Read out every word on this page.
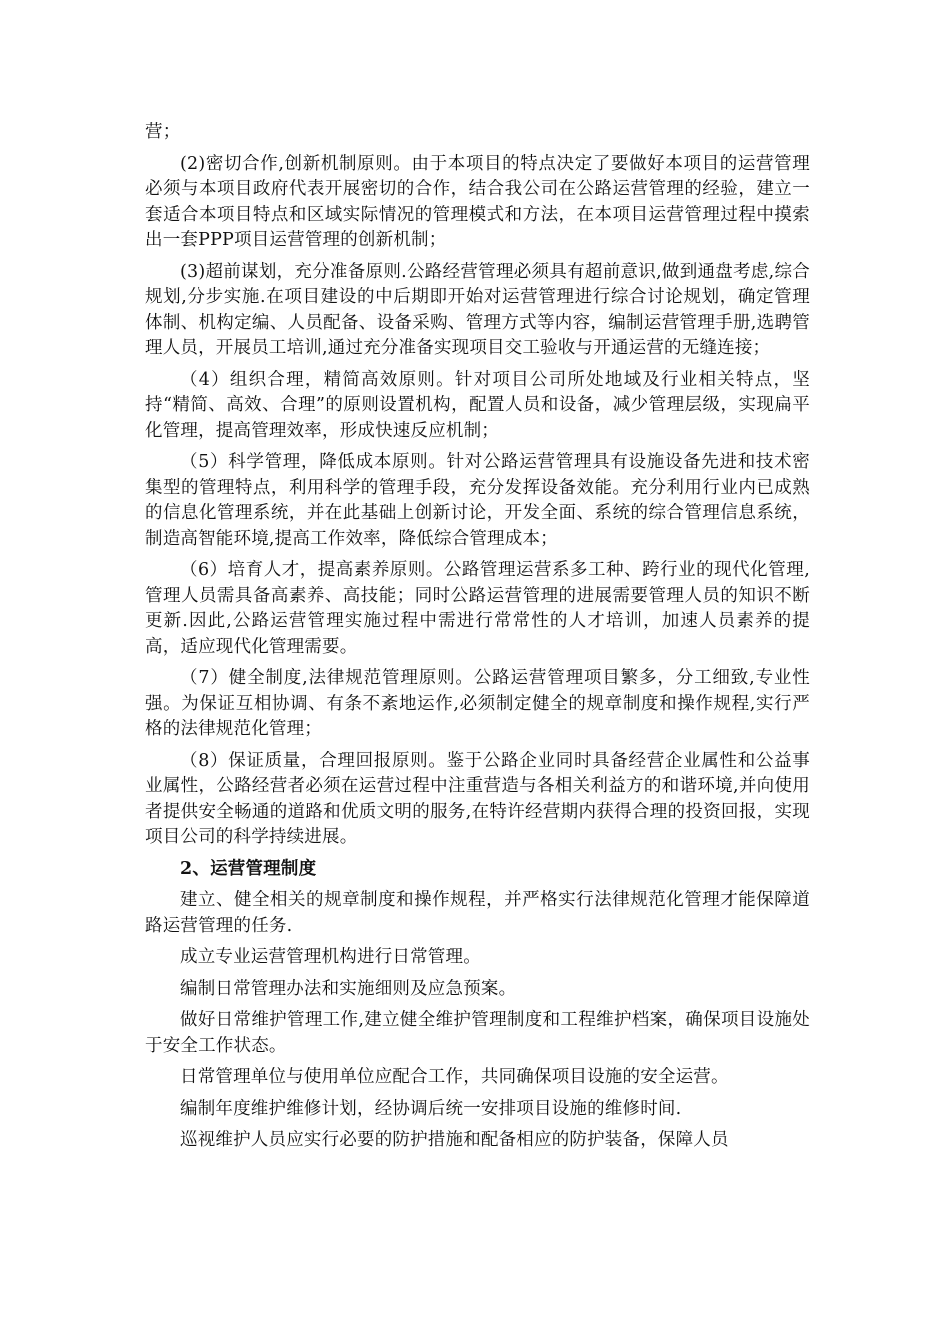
营；

(2)密切合作,创新机制原则。由于本项目的特点决定了要做好本项目的运营管理必须与本项目政府代表开展密切的合作，结合我公司在公路运营管理的经验，建立一套适合本项目特点和区域实际情况的管理模式和方法，在本项目运营管理过程中摸索出一套PPP项目运营管理的创新机制；

(3)超前谋划，充分准备原则.公路经营管理必须具有超前意识,做到通盘考虑,综合规划,分步实施.在项目建设的中后期即开始对运营管理进行综合讨论规划，确定管理体制、机构定编、人员配备、设备采购、管理方式等内容，编制运营管理手册,选聘管理人员，开展员工培训,通过充分准备实现项目交工验收与开通运营的无缝连接；

（4）组织合理，精简高效原则。针对项目公司所处地域及行业相关特点，坚持“精简、高效、合理”的原则设置机构，配置人员和设备，减少管理层级，实现扁平化管理，提高管理效率，形成快速反应机制；

（5）科学管理，降低成本原则。针对公路运营管理具有设施设备先进和技术密集型的管理特点，利用科学的管理手段，充分发挥设备效能。充分利用行业内已成熟的信息化管理系统，并在此基础上创新讨论，开发全面、系统的综合管理信息系统，制造高智能环境,提高工作效率，降低综合管理成本；

（6）培育人才，提高素养原则。公路管理运营系多工种、跨行业的现代化管理,管理人员需具备高素养、高技能；同时公路运营管理的进展需要管理人员的知识不断更新.因此,公路运营管理实施过程中需进行常常性的人才培训，加速人员素养的提高，适应现代化管理需要。

（7）健全制度,法律规范管理原则。公路运营管理项目繁多，分工细致,专业性强。为保证互相协调、有条不紊地运作,必须制定健全的规章制度和操作规程,实行严格的法律规范化管理；

（8）保证质量，合理回报原则。鉴于公路企业同时具备经营企业属性和公益事业属性，公路经营者必须在运营过程中注重营造与各相关利益方的和谐环境,并向使用者提供安全畅通的道路和优质文明的服务,在特许经营期内获得合理的投资回报，实现项目公司的科学持续进展。

2、运营管理制度

建立、健全相关的规章制度和操作规程，并严格实行法律规范化管理才能保障道路运营管理的任务.

成立专业运营管理机构进行日常管理。

编制日常管理办法和实施细则及应急预案。

做好日常维护管理工作,建立健全维护管理制度和工程维护档案，确保项目设施处于安全工作状态。

日常管理单位与使用单位应配合工作，共同确保项目设施的安全运营。

编制年度维护维修计划，经协调后统一安排项目设施的维修时间.

巡视维护人员应实行必要的防护措施和配备相应的防护装备，保障人员
